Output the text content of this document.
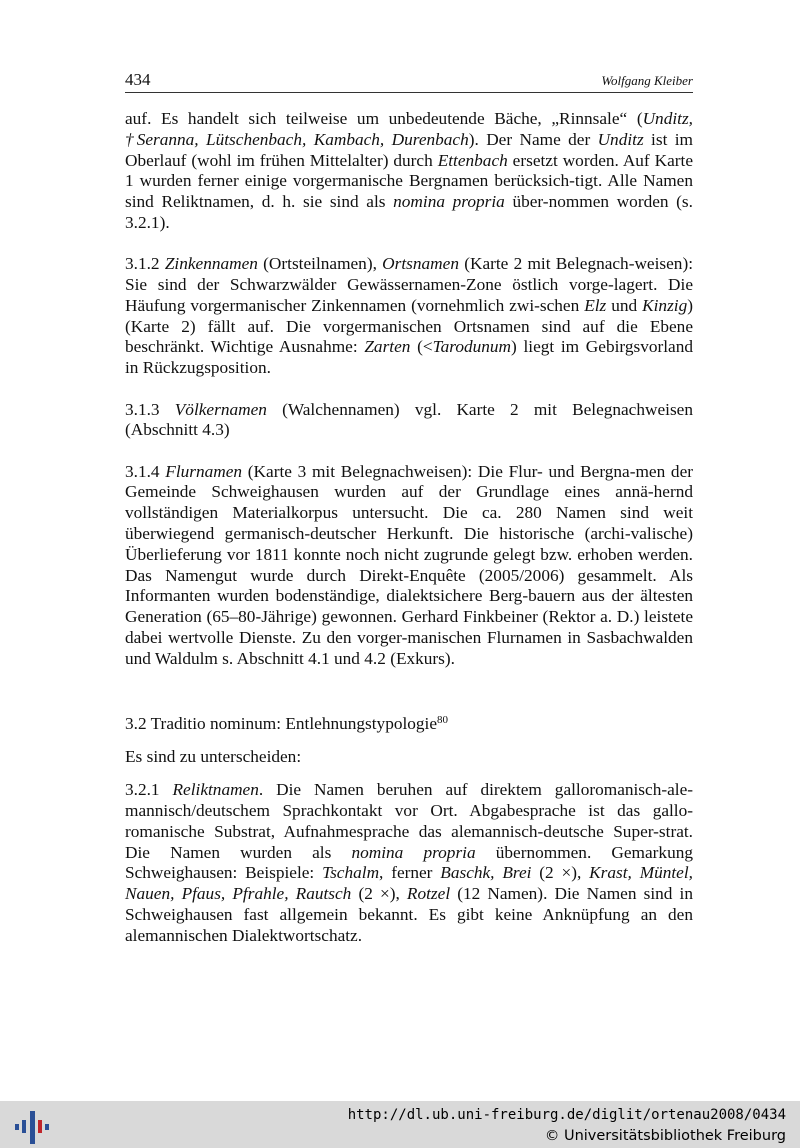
434	Wolfgang Kleiber

auf. Es handelt sich teilweise um unbedeutende Bäche, „Rinnsale“ (Unditz, †Seranna, Lütschenbach, Kambach, Durenbach). Der Name der Unditz ist im Oberlauf (wohl im frühen Mittelalter) durch Ettenbach ersetzt worden. Auf Karte 1 wurden ferner einige vorgermanische Bergnamen berücksich-tigt. Alle Namen sind Reliktnamen, d. h. sie sind als nomina propria über-nommen worden (s. 3.2.1).

3.1.2 Zinkennamen (Ortsteilnamen), Ortsnamen (Karte 2 mit Belegnach-weisen): Sie sind der Schwarzwälder Gewässernamen-Zone östlich vorge-lagert. Die Häufung vorgermanischer Zinkennamen (vornehmlich zwi-schen Elz und Kinzig) (Karte 2) fällt auf. Die vorgermanischen Ortsnamen sind auf die Ebene beschränkt. Wichtige Ausnahme: Zarten (<Tarodunum) liegt im Gebirgsvorland in Rückzugsposition.

3.1.3 Völkernamen (Walchennamen) vgl. Karte 2 mit Belegnachweisen (Abschnitt 4.3)

3.1.4 Flurnamen (Karte 3 mit Belegnachweisen): Die Flur- und Bergna-men der Gemeinde Schweighausen wurden auf der Grundlage eines annä-hernd vollständigen Materialkorpus untersucht. Die ca. 280 Namen sind weit überwiegend germanisch-deutscher Herkunft. Die historische (archi-valische) Überlieferung vor 1811 konnte noch nicht zugrunde gelegt bzw. erhoben werden. Das Namengut wurde durch Direkt-Enquête (2005/2006) gesammelt. Als Informanten wurden bodenständige, dialektsichere Berg-bauern aus der ältesten Generation (65–80-Jährige) gewonnen. Gerhard Finkbeiner (Rektor a. D.) leistete dabei wertvolle Dienste. Zu den vorger-manischen Flurnamen in Sasbachwalden und Waldulm s. Abschnitt 4.1 und 4.2 (Exkurs).

3.2 Traditio nominum: Entlehnungstypologie$^{80}$

Es sind zu unterscheiden:

3.2.1 Reliktnamen. Die Namen beruhen auf direktem galloromanisch-ale-mannisch/deutschem Sprachkontakt vor Ort. Abgabesprache ist das gallo-romanische Substrat, Aufnahmesprache das alemannisch-deutsche Super-strat. Die Namen wurden als nomina propria übernommen. Gemarkung Schweighausen: Beispiele: Tschalm, ferner Baschk, Brei (2 ×), Krast, Müntel, Nauen, Pfaus, Pfrahle, Rautsch (2 ×), Rotzel (12 Namen). Die Namen sind in Schweighausen fast allgemein bekannt. Es gibt keine Anknüpfung an den alemannischen Dialektwortschatz.

http://dl.ub.uni-freiburg.de/diglit/ortenau2008/0434
© Universitätsbibliothek Freiburg
